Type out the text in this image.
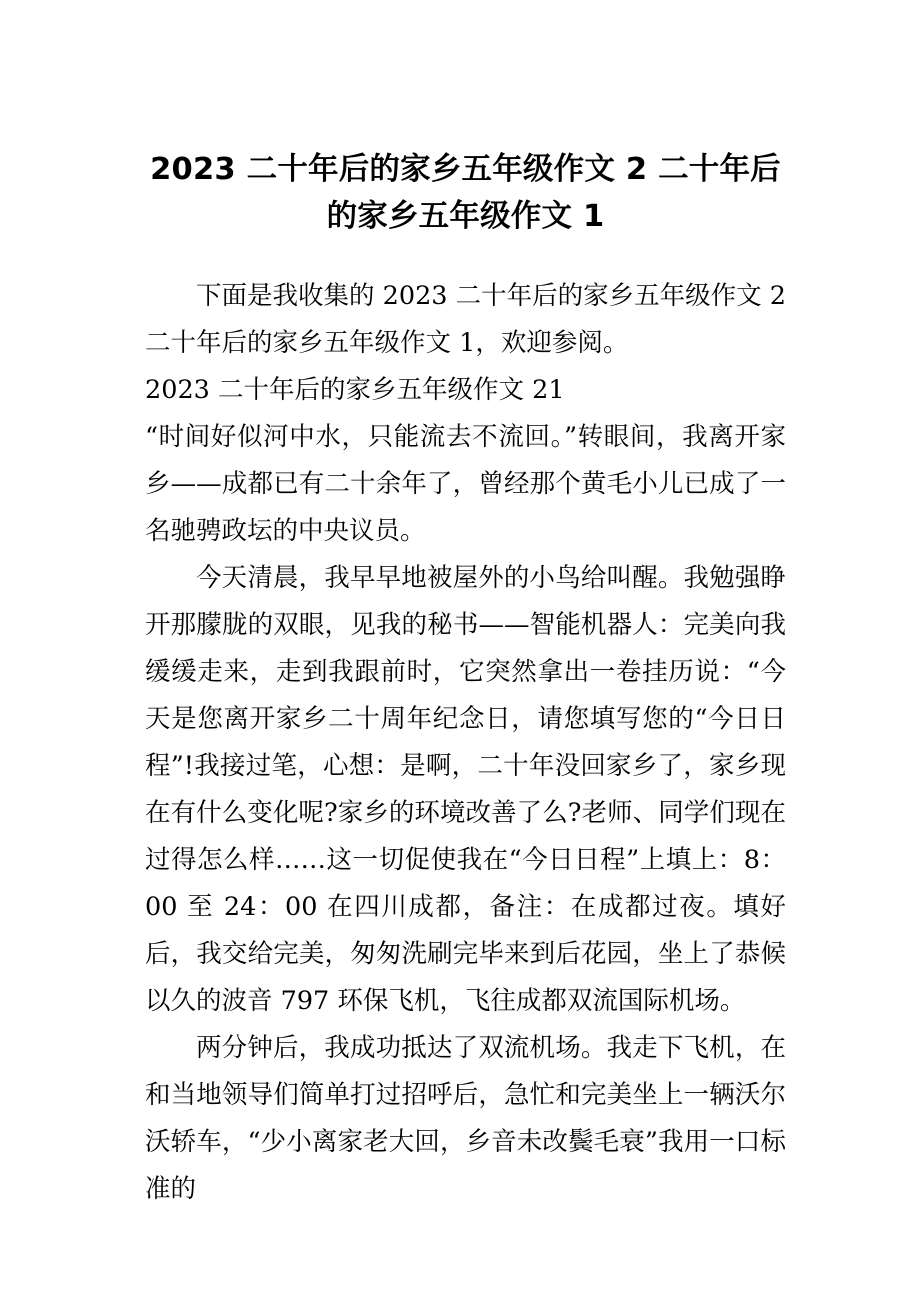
2023 二十年后的家乡五年级作文 2 二十年后的家乡五年级作文 1

下面是我收集的 2023 二十年后的家乡五年级作文 2 二十年后的家乡五年级作文 1，欢迎参阅。

2023 二十年后的家乡五年级作文 21

“时间好似河中水，只能流去不流回。”转眼间，我离开家乡——成都已有二十余年了，曾经那个黄毛小儿已成了一名驰骋政坛的中央议员。

今天清晨，我早早地被屋外的小鸟给叫醒。我勉强睁开那朦胧的双眼，见我的秘书——智能机器人：完美向我缓缓走来，走到我跟前时，它突然拿出一卷挂历说：“今天是您离开家乡二十周年纪念日，请您填写您的“今日日程”!我接过笔，心想：是啊，二十年没回家乡了，家乡现在有什么变化呢?家乡的环境改善了么?老师、同学们现在过得怎么样……这一切促使我在“今日日程”上填上：8：00 至 24：00 在四川成都，备注：在成都过夜。填好后，我交给完美，匆匆洗刷完毕来到后花园，坐上了恭候以久的波音 797 环保飞机，飞往成都双流国际机场。

两分钟后，我成功抵达了双流机场。我走下飞机，在和当地领导们简单打过招呼后，急忙和完美坐上一辆沃尔沃轿车，“少小离家老大回，乡音未改鬓毛衰”我用一口标准的
